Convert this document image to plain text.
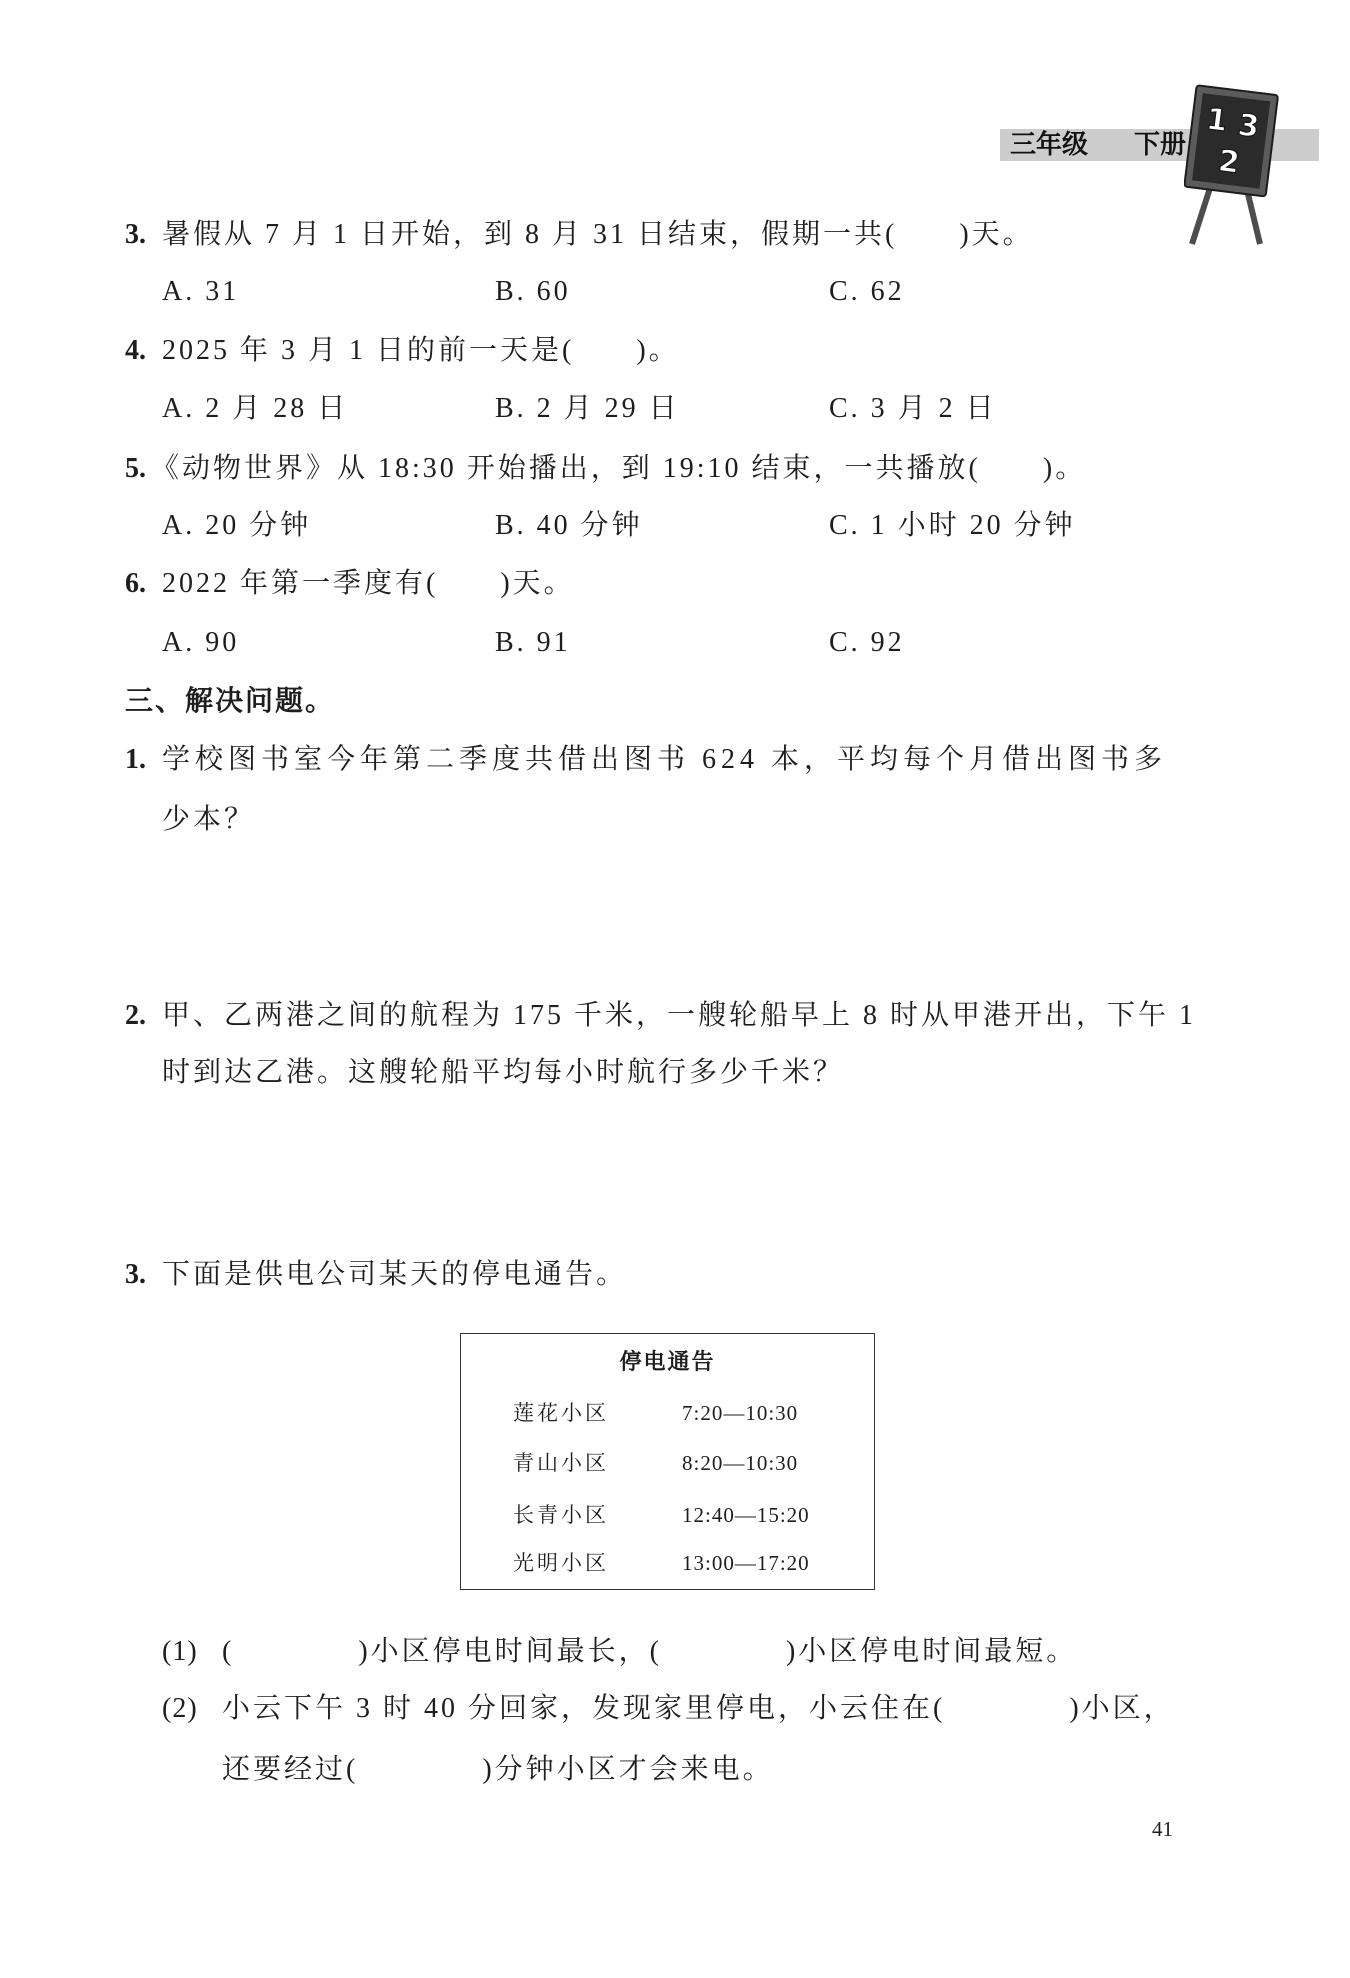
三年级 下册
1 3
2
3. 暑假从 7 月 1 日开始，到 8 月 31 日结束，假期一共(　　)天。
A. 31	B. 60	C. 62
4. 2025 年 3 月 1 日的前一天是(　　)。
A. 2 月 28 日	B. 2 月 29 日	C. 3 月 2 日
5. 《动物世界》从 18:30 开始播出，到 19:10 结束，一共播放(　　)。
A. 20 分钟	B. 40 分钟	C. 1 小时 20 分钟
6. 2022 年第一季度有(　　)天。
A. 90	B. 91	C. 92
三、解决问题。
1. 学校图书室今年第二季度共借出图书 624 本，平均每个月借出图书多
少本？
2. 甲、乙两港之间的航程为 175 千米，一艘轮船早上 8 时从甲港开出，下午 1
时到达乙港。这艘轮船平均每小时航行多少千米？
3. 下面是供电公司某天的停电通告。
停电通告
莲花小区	7:20—10:30
青山小区	8:20—10:30
长青小区	12:40—15:20
光明小区	13:00—17:20
(1) (　　　　)小区停电时间最长，(　　　　)小区停电时间最短。
(2) 小云下午 3 时 40 分回家，发现家里停电，小云住在(　　　　)小区，
还要经过(　　　　)分钟小区才会来电。
41
